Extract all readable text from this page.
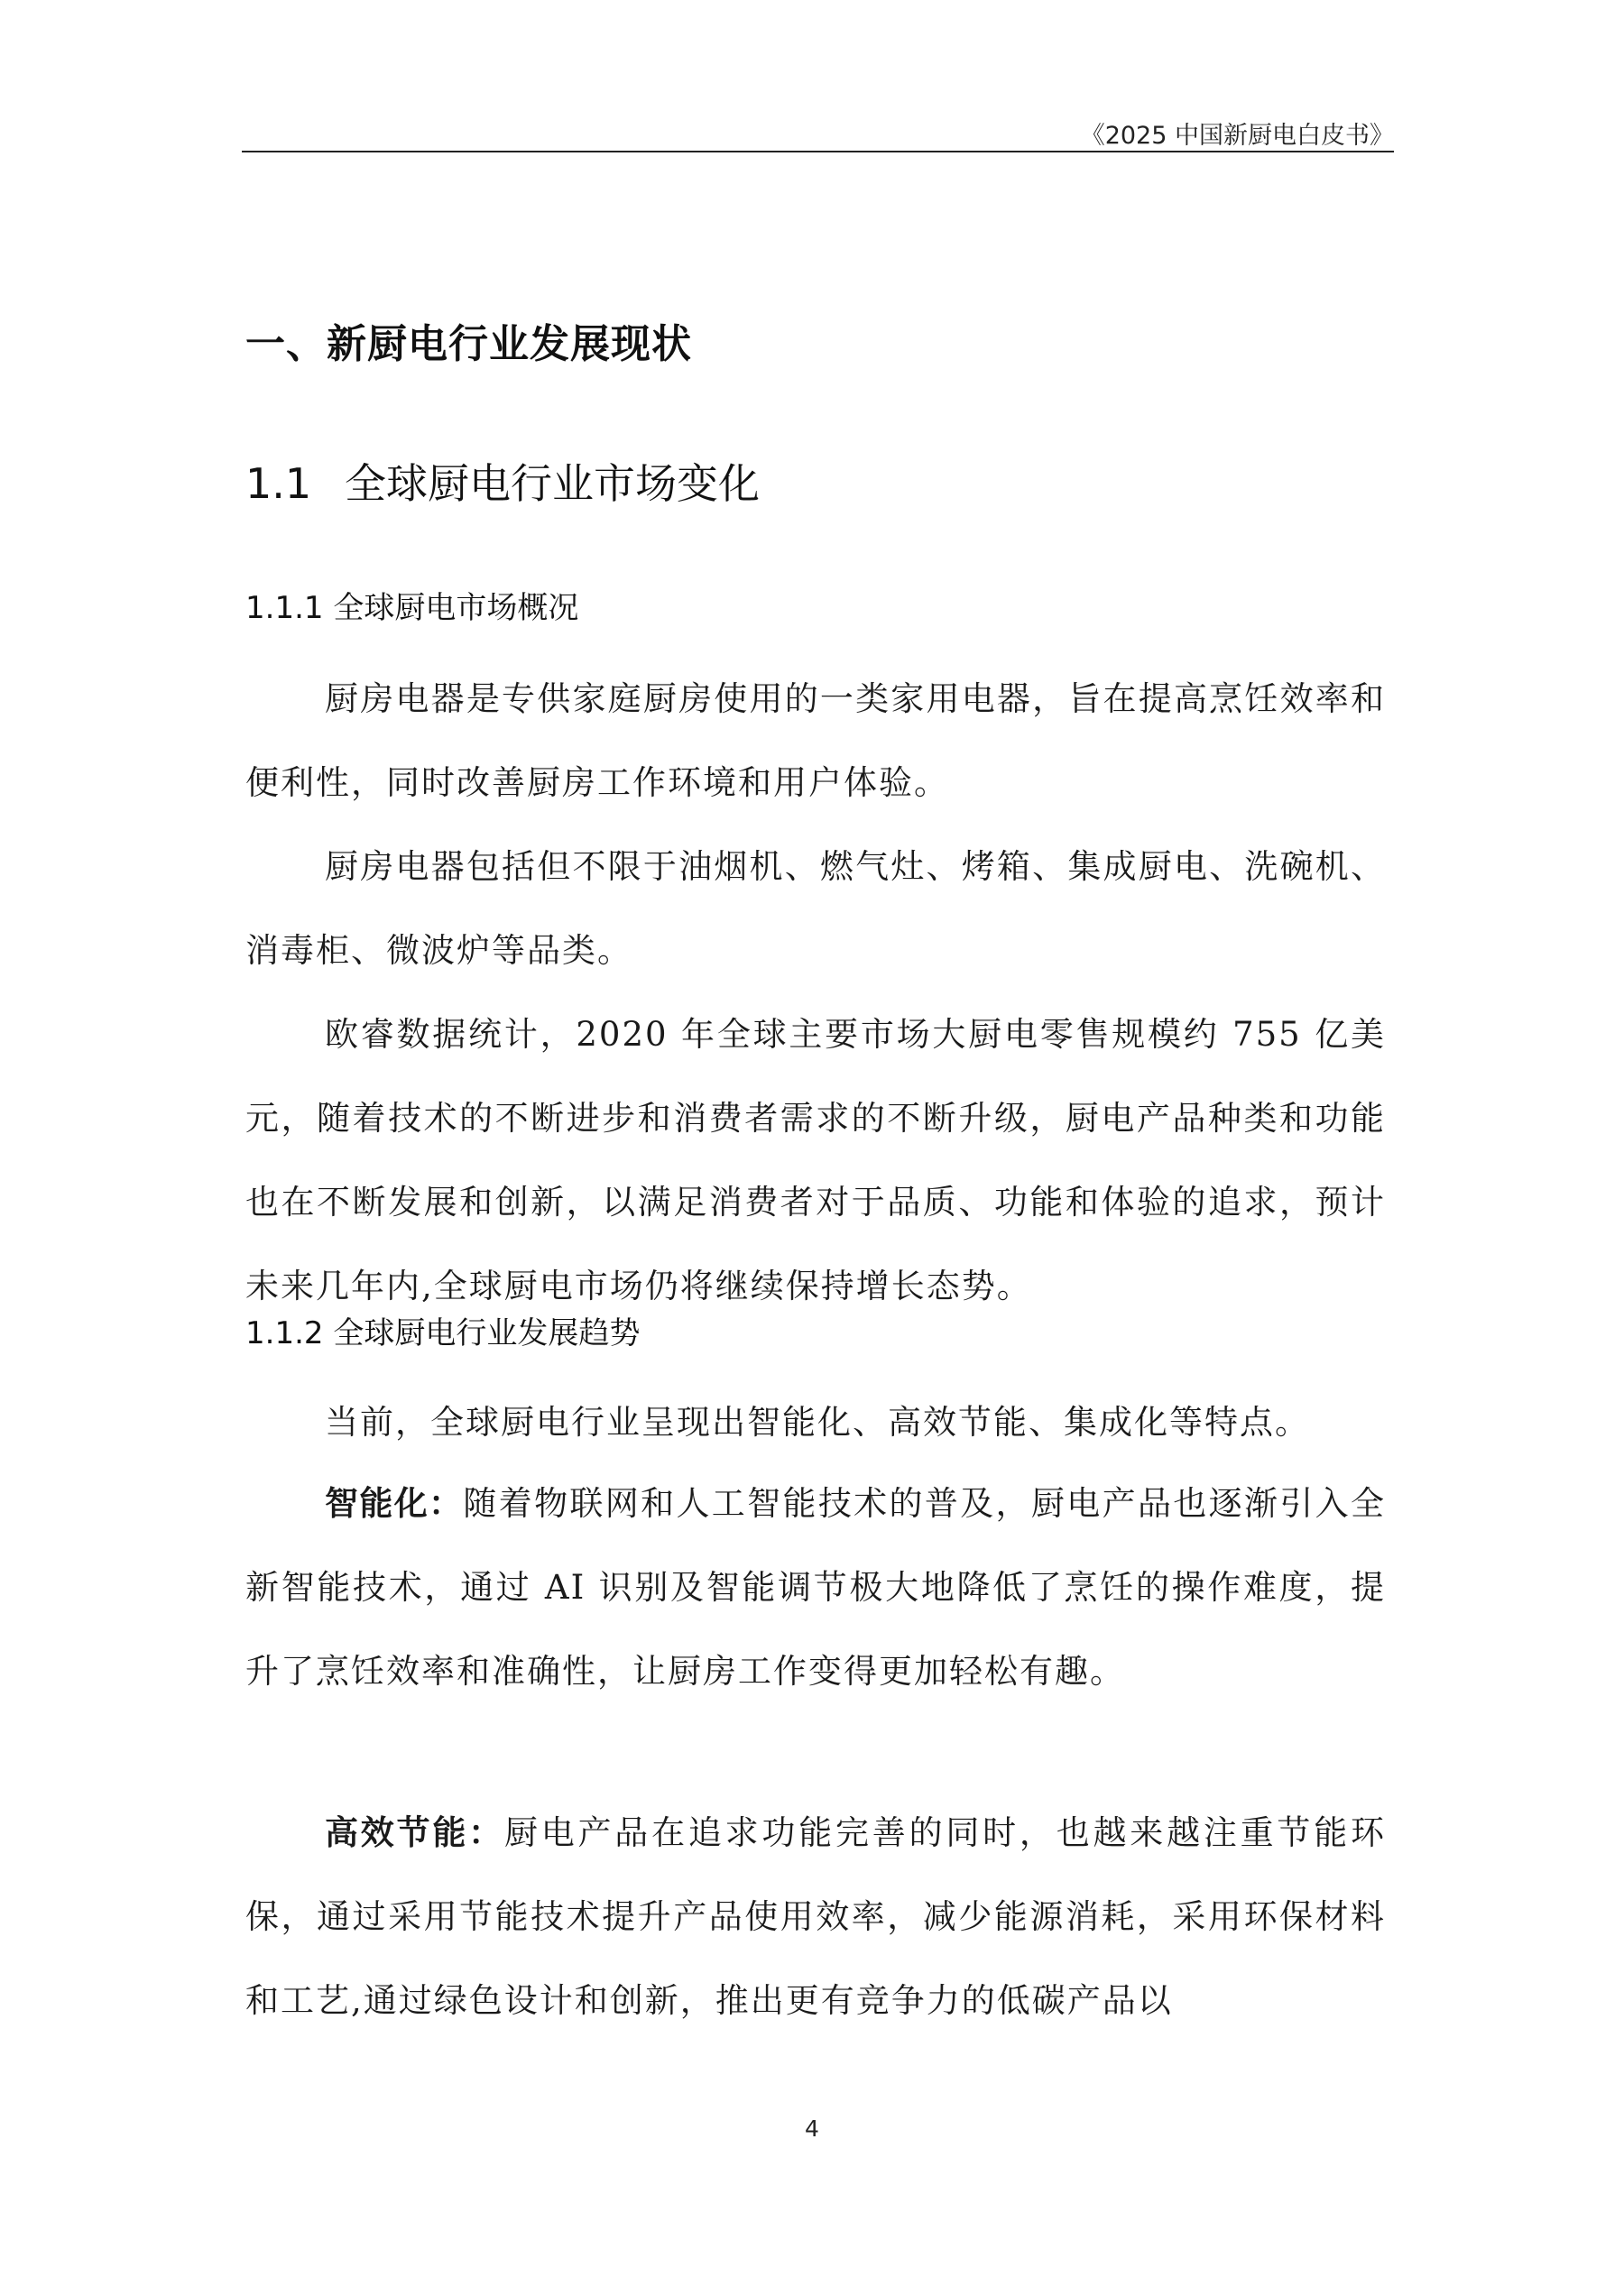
《2025 中国新厨电白皮书》
一、新厨电行业发展现状
1.1 全球厨电行业市场变化
1.1.1 全球厨电市场概况

厨房电器是专供家庭厨房使用的一类家用电器，旨在提高烹饪效率和便利性，同时改善厨房工作环境和用户体验。

厨房电器包括但不限于油烟机、燃气灶、烤箱、集成厨电、洗碗机、消毒柜、微波炉等品类。

欧睿数据统计，2020 年全球主要市场大厨电零售规模约 755 亿美元，随着技术的不断进步和消费者需求的不断升级，厨电产品种类和功能也在不断发展和创新，以满足消费者对于品质、功能和体验的追求，预计未来几年内,全球厨电市场仍将继续保持增长态势。

1.1.2 全球厨电行业发展趋势

当前，全球厨电行业呈现出智能化、高效节能、集成化等特点。

智能化：随着物联网和人工智能技术的普及，厨电产品也逐渐引入全新智能技术，通过 AI 识别及智能调节极大地降低了烹饪的操作难度，提升了烹饪效率和准确性，让厨房工作变得更加轻松有趣。

高效节能：厨电产品在追求功能完善的同时，也越来越注重节能环保，通过采用节能技术提升产品使用效率，减少能源消耗，采用环保材料和工艺,通过绿色设计和创新，推出更有竞争力的低碳产品以

4
